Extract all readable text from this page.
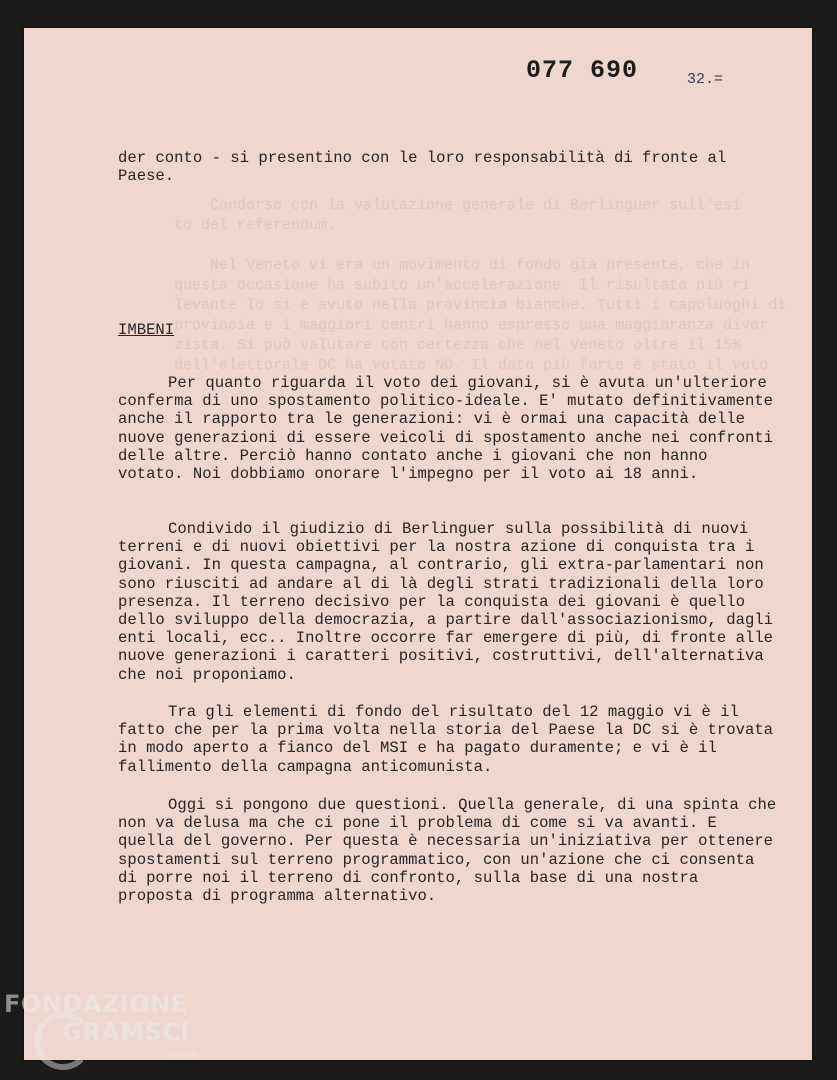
Condorso con la valutazione generale di Berlinguer sull'esi
to del referendum.

Nel Veneto vi era un movimento di fondo già presente, che in
questa occasione ha subito un'accelerazione. Il risultato più ri
levante lo si è avuto nella provincia bianche. Tutti i capoluoghi di
provincia e i maggiori centri hanno espresso una maggioranza divor
zista. Si può valutare con certezza che nel Veneto oltre il 15%
dell'elettorale DC ha votato NO. Il dato più forte è stato il voto
077 690	32.=

der conto - si presentino con le loro responsabilità di fronte al Paese.

IMBENI

Per quanto riguarda il voto dei giovani, si è avuta un'ulteriore conferma di uno spostamento politico-ideale. E' mutato definitivamente anche il rapporto tra le generazioni: vi è ormai una capacità delle nuove generazioni di essere veicoli di spostamento anche nei confronti delle altre. Perciò hanno contato anche i giovani che non hanno votato. Noi dobbiamo onorare l'impegno per il voto ai 18 anni.

Condivido il giudizio di Berlinguer sulla possibilità di nuovi terreni e di nuovi obiettivi per la nostra azione di conquista tra i giovani. In questa campagna, al contrario, gli extra-parlamentari non sono riusciti ad andare al di là degli strati tradizionali della loro presenza. Il terreno decisivo per la conquista dei giovani è quello dello sviluppo della democrazia, a partire dall'associazionismo, dagli enti locali, ecc.. Inoltre occorre far emergere di più, di fronte alle nuove generazioni i caratteri positivi, costruttivi, dell'alternativa che noi proponiamo.

Tra gli elementi di fondo del risultato del 12 maggio vi è il fatto che per la prima volta nella storia del Paese la DC si è trovata in modo aperto a fianco del MSI e ha pagato duramente; e vi è il fallimento della campagna anticomunista.

Oggi si pongono due questioni. Quella generale, di una spinta che non va delusa ma che ci pone il problema di come si va avanti. E quella del governo. Per questa è necessaria un'iniziativa per ottenere spostamenti sul terreno programmatico, con un'azione che ci consenta di porre noi il terreno di confronto, sulla base di una nostra proposta di programma alternativo.

FONDAZIONE
GRAMSCI
onlus
